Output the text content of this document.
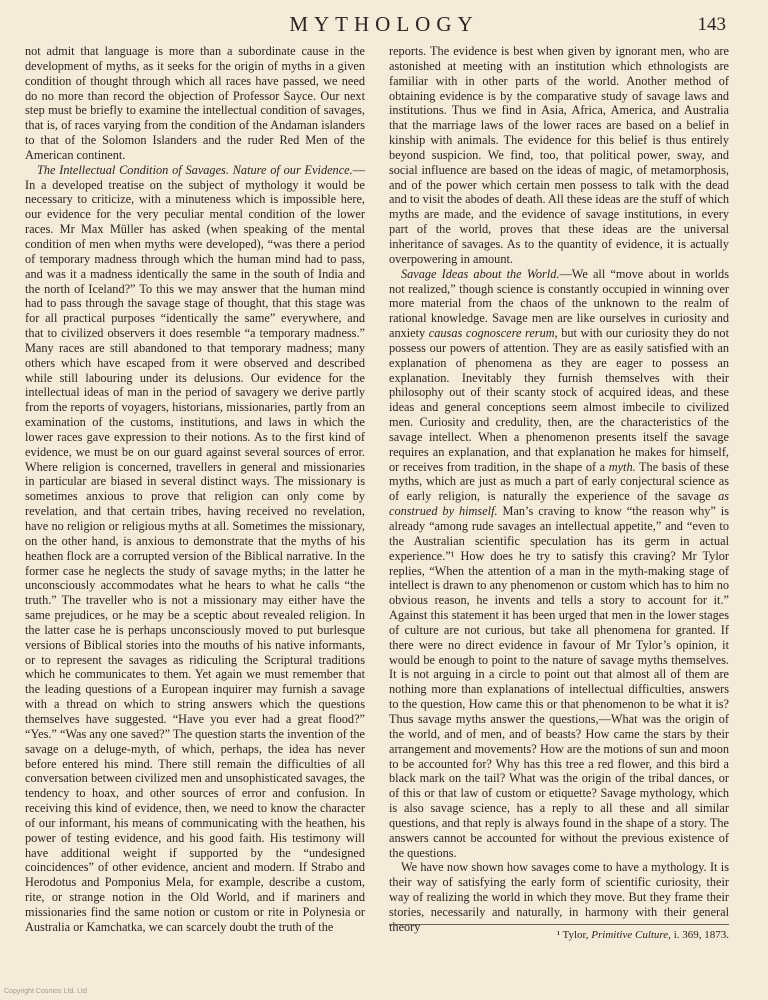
MYTHOLOGY	143

not admit that language is more than a subordinate cause in the development of myths, as it seeks for the origin of myths in a given condition of thought through which all races have passed, we need do no more than record the objection of Professor Sayce. Our next step must be briefly to examine the intellectual condition of savages, that is, of races varying from the condition of the Andaman islanders to that of the Solomon Islanders and the ruder Red Men of the American continent.

The Intellectual Condition of Savages. Nature of our Evidence.—In a developed treatise on the subject of mythology it would be necessary to criticize, with a minuteness which is impossible here, our evidence for the very peculiar mental condition of the lower races. Mr Max Müller has asked (when speaking of the mental condition of men when myths were developed), “was there a period of temporary madness through which the human mind had to pass, and was it a madness identically the same in the south of India and the north of Iceland?” To this we may answer that the human mind had to pass through the savage stage of thought, that this stage was for all practical purposes “identically the same” everywhere, and that to civilized observers it does resemble “a temporary madness.” Many races are still abandoned to that temporary madness; many others which have escaped from it were observed and described while still labouring under its delusions. Our evidence for the intellectual ideas of man in the period of savagery we derive partly from the reports of voyagers, historians, missionaries, partly from an examination of the customs, institutions, and laws in which the lower races gave expression to their notions. As to the first kind of evidence, we must be on our guard against several sources of error. Where religion is concerned, travellers in general and missionaries in particular are biased in several distinct ways. The missionary is sometimes anxious to prove that religion can only come by revelation, and that certain tribes, having received no revelation, have no religion or religious myths at all. Sometimes the missionary, on the other hand, is anxious to demonstrate that the myths of his heathen flock are a corrupted version of the Biblical narrative. In the former case he neglects the study of savage myths; in the latter he unconsciously accommodates what he hears to what he calls “the truth.” The traveller who is not a missionary may either have the same prejudices, or he may be a sceptic about revealed religion. In the latter case he is perhaps unconsciously moved to put burlesque versions of Biblical stories into the mouths of his native informants, or to represent the savages as ridiculing the Scriptural traditions which he communicates to them. Yet again we must remember that the leading questions of a European inquirer may furnish a savage with a thread on which to string answers which the questions themselves have suggested. “Have you ever had a great flood?” “Yes.” “Was any one saved?” The question starts the invention of the savage on a deluge-myth, of which, perhaps, the idea has never before entered his mind. There still remain the difficulties of all conversation between civilized men and unsophisticated savages, the tendency to hoax, and other sources of error and confusion. In receiving this kind of evidence, then, we need to know the character of our informant, his means of communicating with the heathen, his power of testing evidence, and his good faith. His testimony will have additional weight if supported by the “undesigned coincidences” of other evidence, ancient and modern. If Strabo and Herodotus and Pomponius Mela, for example, describe a custom, rite, or strange notion in the Old World, and if mariners and missionaries find the same notion or custom or rite in Polynesia or Australia or Kamchatka, we can scarcely doubt the truth of the

reports. The evidence is best when given by ignorant men, who are astonished at meeting with an institution which ethnologists are familiar with in other parts of the world. Another method of obtaining evidence is by the comparative study of savage laws and institutions. Thus we find in Asia, Africa, America, and Australia that the marriage laws of the lower races are based on a belief in kinship with animals. The evidence for this belief is thus entirely beyond suspicion. We find, too, that political power, sway, and social influence are based on the ideas of magic, of metamorphosis, and of the power which certain men possess to talk with the dead and to visit the abodes of death. All these ideas are the stuff of which myths are made, and the evidence of savage institutions, in every part of the world, proves that these ideas are the universal inheritance of savages. As to the quantity of evidence, it is actually overpowering in amount.

Savage Ideas about the World.—We all “move about in worlds not realized,” though science is constantly occupied in winning over more material from the chaos of the unknown to the realm of rational knowledge. Savage men are like ourselves in curiosity and anxiety causas cognoscere rerum, but with our curiosity they do not possess our powers of attention. They are as easily satisfied with an explanation of phenomena as they are eager to possess an explanation. Inevitably they furnish themselves with their philosophy out of their scanty stock of acquired ideas, and these ideas and general conceptions seem almost imbecile to civilized men. Curiosity and credulity, then, are the characteristics of the savage intellect. When a phenomenon presents itself the savage requires an explanation, and that explanation he makes for himself, or receives from tradition, in the shape of a myth. The basis of these myths, which are just as much a part of early conjectural science as of early religion, is naturally the experience of the savage as construed by himself. Man’s craving to know “the reason why” is already “among rude savages an intellectual appetite,” and “even to the Australian scientific speculation has its germ in actual experience.”¹ How does he try to satisfy this craving? Mr Tylor replies, “When the attention of a man in the myth-making stage of intellect is drawn to any phenomenon or custom which has to him no obvious reason, he invents and tells a story to account for it.” Against this statement it has been urged that men in the lower stages of culture are not curious, but take all phenomena for granted. If there were no direct evidence in favour of Mr Tylor’s opinion, it would be enough to point to the nature of savage myths themselves. It is not arguing in a circle to point out that almost all of them are nothing more than explanations of intellectual difficulties, answers to the question, How came this or that phenomenon to be what it is? Thus savage myths answer the questions,—What was the origin of the world, and of men, and of beasts? How came the stars by their arrangement and movements? How are the motions of sun and moon to be accounted for? Why has this tree a red flower, and this bird a black mark on the tail? What was the origin of the tribal dances, or of this or that law of custom or etiquette? Savage mythology, which is also savage science, has a reply to all these and all similar questions, and that reply is always found in the shape of a story. The answers cannot be accounted for without the previous existence of the questions.

We have now shown how savages come to have a mythology. It is their way of satisfying the early form of scientific curiosity, their way of realizing the world in which they move. But they frame their stories, necessarily and naturally, in harmony with their general theory

¹ Tylor, Primitive Culture, i. 369, 1873.
Copyright Cosmos Ltd. Ltd
